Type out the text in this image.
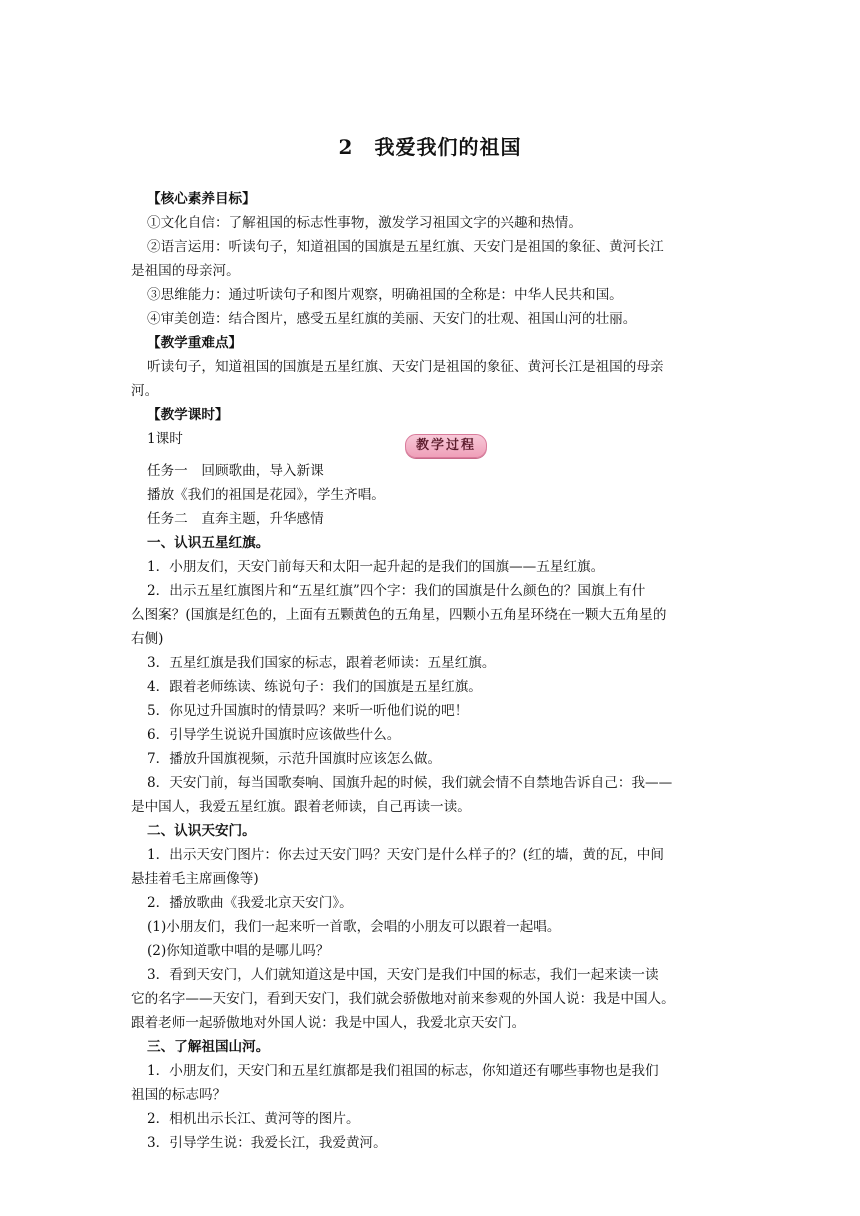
2　我爱我们的祖国
【核心素养目标】
①文化自信：了解祖国的标志性事物，激发学习祖国文字的兴趣和热情。
②语言运用：听读句子，知道祖国的国旗是五星红旗、天安门是祖国的象征、黄河长江
是祖国的母亲河。
③思维能力：通过听读句子和图片观察，明确祖国的全称是：中华人民共和国。
④审美创造：结合图片，感受五星红旗的美丽、天安门的壮观、祖国山河的壮丽。
【教学重难点】
听读句子，知道祖国的国旗是五星红旗、天安门是祖国的象征、黄河长江是祖国的母亲
河。
【教学课时】
1课时	教学过程
任务一　回顾歌曲，导入新课
播放《我们的祖国是花园》，学生齐唱。
任务二　直奔主题，升华感情
一、认识五星红旗。
1．小朋友们，天安门前每天和太阳一起升起的是我们的国旗——五星红旗。
2．出示五星红旗图片和“五星红旗”四个字：我们的国旗是什么颜色的？国旗上有什
么图案？(国旗是红色的，上面有五颗黄色的五角星，四颗小五角星环绕在一颗大五角星的
右侧)
3．五星红旗是我们国家的标志，跟着老师读：五星红旗。
4．跟着老师练读、练说句子：我们的国旗是五星红旗。
5．你见过升国旗时的情景吗？来听一听他们说的吧！
6．引导学生说说升国旗时应该做些什么。
7．播放升国旗视频，示范升国旗时应该怎么做。
8．天安门前，每当国歌奏响、国旗升起的时候，我们就会情不自禁地告诉自己：我——
是中国人，我爱五星红旗。跟着老师读，自己再读一读。
二、认识天安门。
1．出示天安门图片：你去过天安门吗？天安门是什么样子的？(红的墙，黄的瓦，中间
悬挂着毛主席画像等)
2．播放歌曲《我爱北京天安门》。
(1)小朋友们，我们一起来听一首歌，会唱的小朋友可以跟着一起唱。
(2)你知道歌中唱的是哪儿吗？
3．看到天安门，人们就知道这是中国，天安门是我们中国的标志，我们一起来读一读
它的名字——天安门，看到天安门，我们就会骄傲地对前来参观的外国人说：我是中国人。
跟着老师一起骄傲地对外国人说：我是中国人，我爱北京天安门。
三、了解祖国山河。
1．小朋友们，天安门和五星红旗都是我们祖国的标志，你知道还有哪些事物也是我们
祖国的标志吗？
2．相机出示长江、黄河等的图片。
3．引导学生说：我爱长江，我爱黄河。
